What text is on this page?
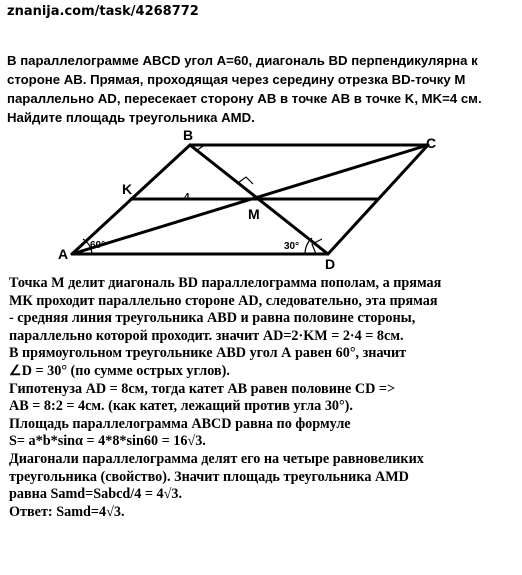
znanija.com/task/4268772

В параллелограмме ABCD угол A=60, диагональ BD перпендикулярна к
стороне AB. Прямая, проходящая через середину отрезка BD-точку М
параллельно AD, пересекает сторону AB в точке AB в точке K, MK=4 см.
Найдите площадь треугольника AMD.

A
B	C
D
K
M
4
60°	30°
Точка М делит диагональ BD параллелограмма пополам, а прямая
МК проходит параллельно стороне AD, следовательно, эта прямая
- средняя линия треугольника ABD и равна половине стороны,
параллельно которой проходит. значит AD=2·KM = 2·4 = 8см.
В прямоугольном треугольнике ABD угол А равен 60°, значит
∠D = 30° (по сумме острых углов).
Гипотенуза AD = 8см, тогда катет AB равен половине CD =>
AB = 8:2 = 4см. (как катет, лежащий против угла 30°).
Площадь параллелограмма ABCD равна по формуле
S= a*b*sinα = 4*8*sin60 = 16√3.
Диагонали параллелограмма делят его на четыре равновеликих
треугольника (свойство). Значит площадь треугольника AMD
равна Samd=Sabcd/4 = 4√3.
Ответ: Samd=4√3.
